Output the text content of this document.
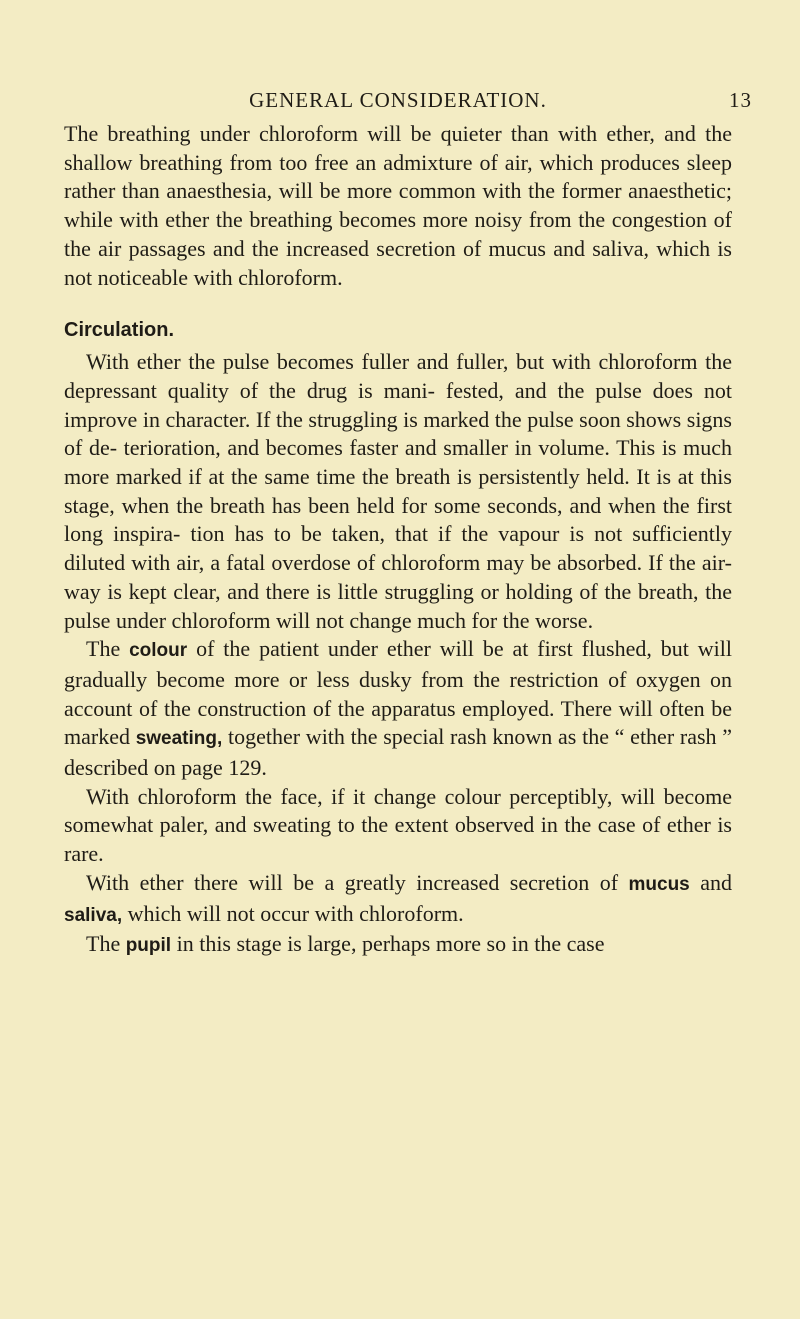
GENERAL CONSIDERATION.	13

The breathing under chloroform will be quieter than with ether, and the shallow breathing from too free an admixture of air, which produces sleep rather than anaesthesia, will be more common with the former anaesthetic; while with ether the breathing becomes more noisy from the congestion of the air passages and the increased secretion of mucus and saliva, which is not noticeable with chloroform.

Circulation.

With ether the pulse becomes fuller and fuller, but with chloroform the depressant quality of the drug is mani- fested, and the pulse does not improve in character. If the struggling is marked the pulse soon shows signs of de- terioration, and becomes faster and smaller in volume. This is much more marked if at the same time the breath is persistently held. It is at this stage, when the breath has been held for some seconds, and when the first long inspira- tion has to be taken, that if the vapour is not sufficiently diluted with air, a fatal overdose of chloroform may be absorbed. If the air-way is kept clear, and there is little struggling or holding of the breath, the pulse under chloroform will not change much for the worse.

The colour of the patient under ether will be at first flushed, but will gradually become more or less dusky from the restriction of oxygen on account of the construction of the apparatus employed. There will often be marked sweating, together with the special rash known as the “ ether rash ” described on page 129.

With chloroform the face, if it change colour perceptibly, will become somewhat paler, and sweating to the extent observed in the case of ether is rare.

With ether there will be a greatly increased secretion of mucus and saliva, which will not occur with chloroform.

The pupil in this stage is large, perhaps more so in the case
